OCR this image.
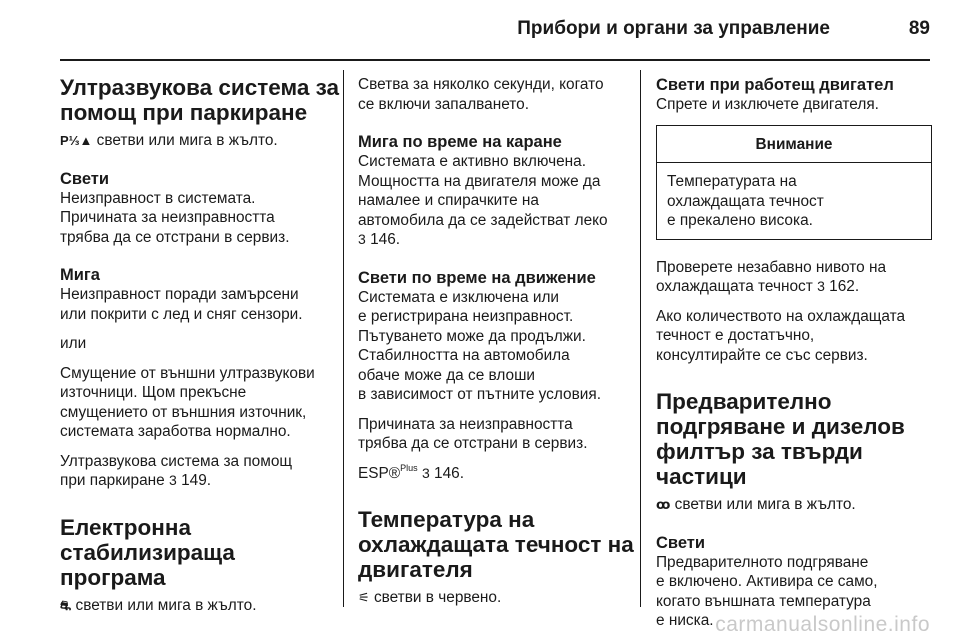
Прибори и органи за управление	89
Ултразвукова система за
помощ при паркиране

P⅓▲ светви или мига в жълто.

Свети

Неизправност в системата.
Причината за неизправността
трябва да се отстрани в сервиз.

Мига

Неизправност поради замърсени
или покрити с лед и сняг сензори.

или

Смущение от външни ултразвукови
източници. Щом прекъсне
смущението от външния източник,
системата заработва нормално.

Ултразвукова система за помощ
при паркиране 3 149.

Електронна
стабилизираща
програма

⛐ светви или мига в жълто.

Светва за няколко секунди, когато
се включи запалването.

Мига по време на каране

Системата е активно включена.
Мощността на двигателя може да
намалее и спирачките на
автомобила да се задействат леко
3 146.

Свети по време на движение

Системата е изключена или
е регистрирана неизправност.
Пътуването може да продължи.
Стабилността на автомобила
обаче може да се влоши
в зависимост от пътните условия.

Причината за неизправността
трябва да се отстрани в сервиз.

ESP®$^{Plus}$ 3 146.

Температура на
охлаждащата течност на
двигателя

⚟ светви в червено.

Свети при работещ двигател

Спрете и изключете двигателя.

Внимание
Температурата на
охлаждащата течност
е прекалено висока.

Проверете незабавно нивото на
охлаждащата течност 3 162.

Ако количеството на охлаждащата
течност е достатъчно,
консултирайте се със сервиз.

Предварително
подгряване и дизелов
филтър за твърди
частици

ꝏ светви или мига в жълто.

Свети

Предварителното подгряване
е включено. Активира се само,
когато външната температура
е ниска. carmanualsonline.info
